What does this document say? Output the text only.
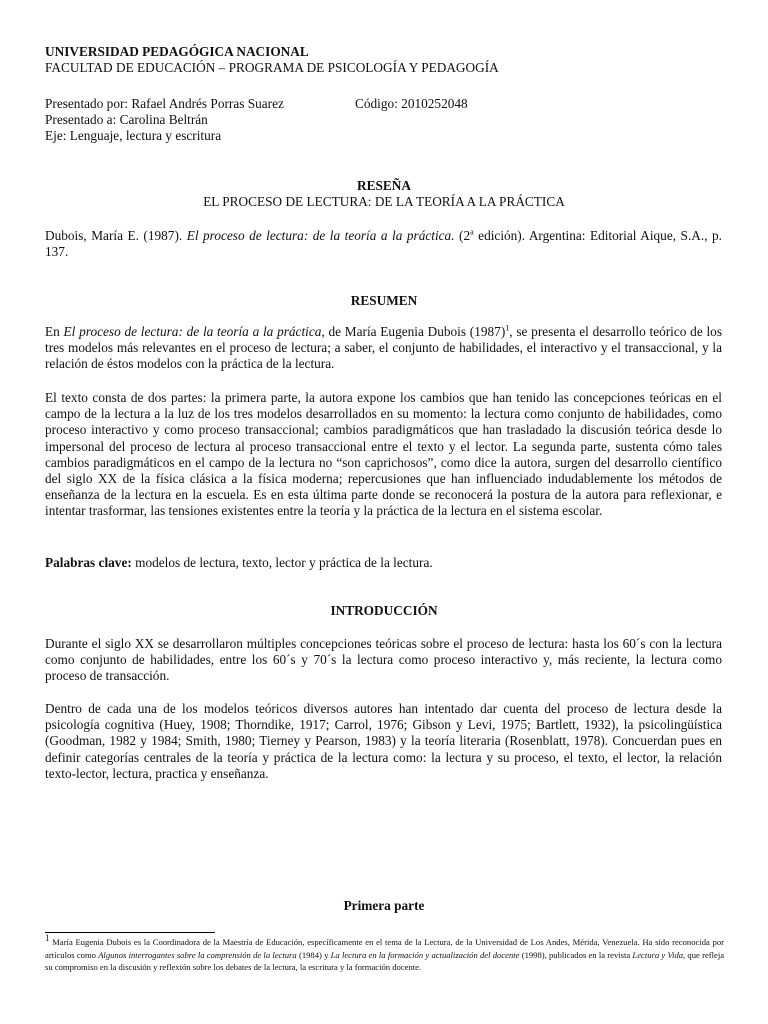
UNIVERSIDAD PEDAGÓGICA NACIONAL
FACULTAD DE EDUCACIÓN – PROGRAMA DE PSICOLOGÍA Y PEDAGOGÍA
Presentado por: Rafael Andrés Porras Suarez	Código: 2010252048
Presentado a: Carolina Beltrán
Eje: Lenguaje, lectura y escritura
RESEÑA
EL PROCESO DE LECTURA: DE LA TEORÍA A LA PRÁCTICA

Dubois, María E. (1987). El proceso de lectura: de la teoría a la práctica. (2$^a$ edición). Argentina: Editorial Aique, S.A., p. 137.

RESUMEN

En El proceso de lectura: de la teoría a la práctica, de María Eugenia Dubois $(1987)^1$, se presenta el desarrollo teórico de los tres modelos más relevantes en el proceso de lectura; a saber, el conjunto de habilidades, el interactivo y el transaccional, y la relación de éstos modelos con la práctica de la lectura.

El texto consta de dos partes: la primera parte, la autora expone los cambios que han tenido las concepciones teóricas en el campo de la lectura a la luz de los tres modelos desarrollados en su momento: la lectura como conjunto de habilidades, como proceso interactivo y como proceso transaccional; cambios paradigmáticos que han trasladado la discusión teórica desde lo impersonal del proceso de lectura al proceso transaccional entre el texto y el lector. La segunda parte, sustenta cómo tales cambios paradigmáticos en el campo de la lectura no “son caprichosos”, como dice la autora, surgen del desarrollo científico del siglo XX de la física clásica a la física moderna; repercusiones que han influenciado indudablemente los métodos de enseñanza de la lectura en la escuela. Es en esta última parte donde se reconocerá la postura de la autora para reflexionar, e intentar trasformar, las tensiones existentes entre la teoría y la práctica de la lectura en el sistema escolar.

Palabras clave: modelos de lectura, texto, lector y práctica de la lectura.

INTRODUCCIÓN

Durante el siglo XX se desarrollaron múltiples concepciones teóricas sobre el proceso de lectura: hasta los 60´s con la lectura como conjunto de habilidades, entre los 60´s y 70´s la lectura como proceso interactivo y, más reciente, la lectura como proceso de transacción.

Dentro de cada una de los modelos teóricos diversos autores han intentado dar cuenta del proceso de lectura desde la psicología cognitiva (Huey, 1908; Thorndike, 1917; Carrol, 1976; Gibson y Levi, 1975; Bartlett, 1932), la psicolingüística (Goodman, 1982 y 1984; Smith, 1980; Tierney y Pearson, 1983) y la teoría literaria (Rosenblatt, 1978). Concuerdan pues en definir categorías centrales de la teoría y práctica de la lectura como: la lectura y su proceso, el texto, el lector, la relación texto-lector, lectura, practica y enseñanza.

Primera parte

$^1$ María Eugenia Dubois es la Coordinadora de la Maestría de Educación, específicamente en el tema de la Lectura, de la Universidad de Los Andes, Mérida, Venezuela. Ha sido reconocida por artículos como Algunos interrogantes sobre la comprensión de la lectura (1984) y La lectura en la formación y actualización del docente (1998), publicados en la revista Lectura y Vida, que refleja su compromiso en la discusión y reflexión sobre los debates de la lectura, la escritura y la formación docente.
